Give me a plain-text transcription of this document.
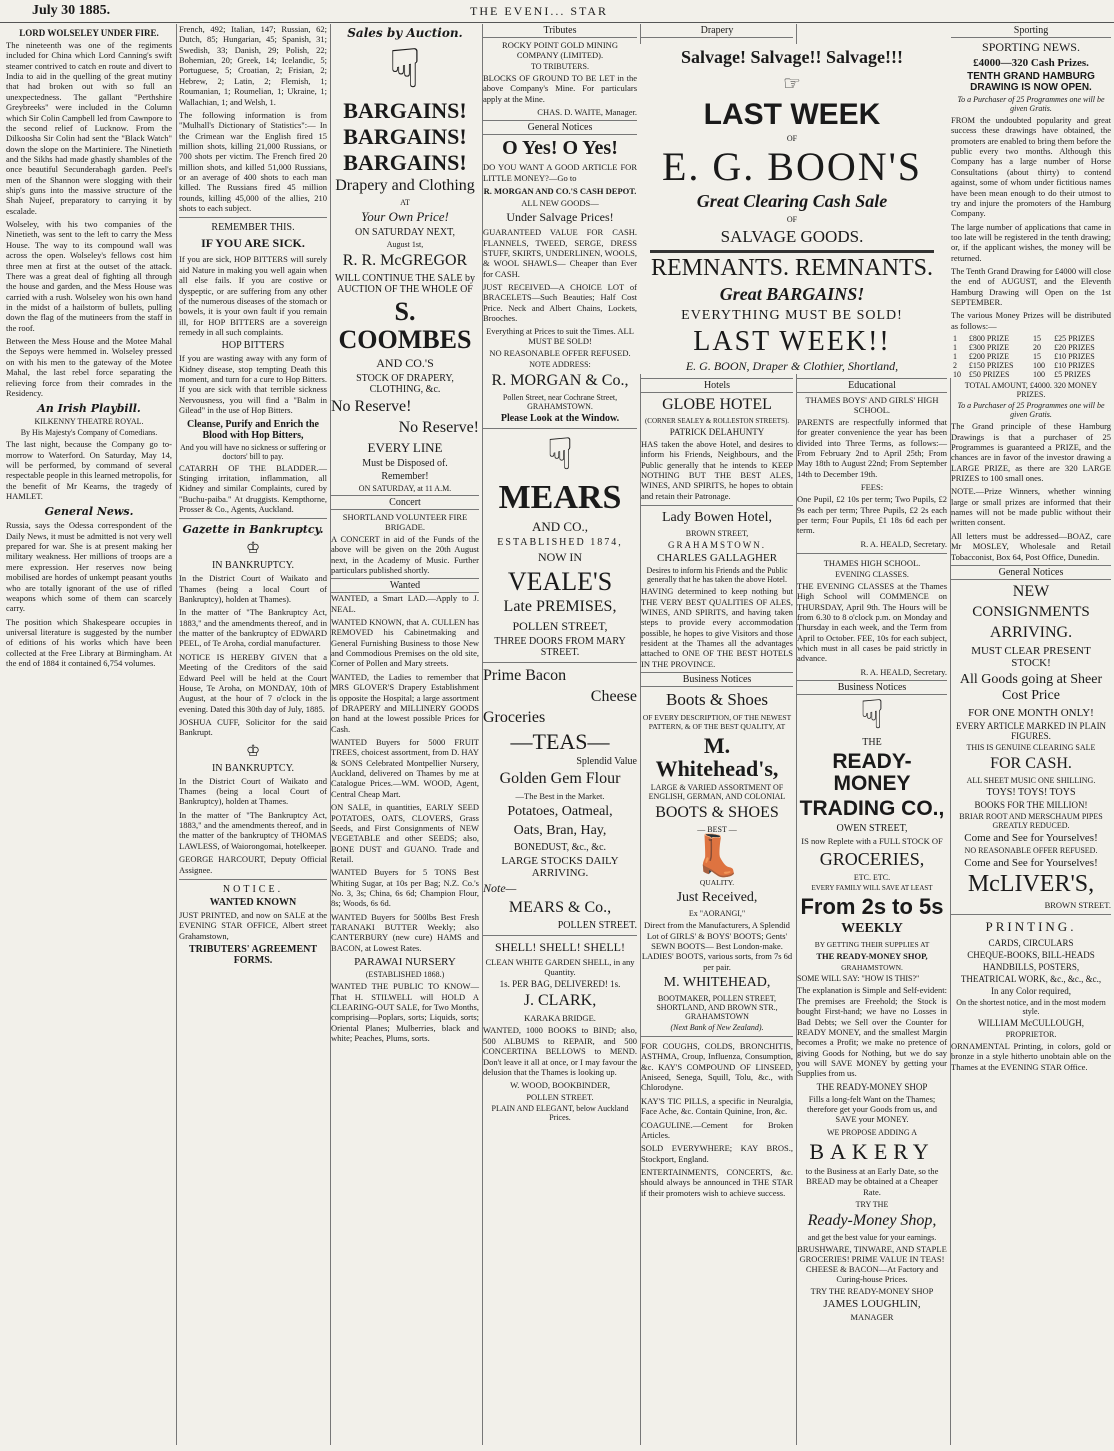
July 30 1885.	THE EVENI... STAR
LORD WOLSELEY UNDER FIRE.

The nineteenth was one of the regiments included for China which Lord Canning's swift steamer contrived to catch en route and divert to India to aid in the quelling of the great mutiny that had broken out with so full an unexpectedness. The gallant "Perthshire Greybreeks" were included in the Column which Sir Colin Campbell led from Cawnpore to the second relief of Lucknow. From the Dilkoosha Sir Colin had sent the "Black Watch" down the slope on the Martiniere. The Ninetieth and the Sikhs had made ghastly shambles of the once beautiful Secunderabagh garden. Peel's men of the Shannon were slogging with their ship's guns into the massive structure of the Shah Nujeef, preparatory to carrying it by escalade.

Wolseley, with his two companies of the Ninetieth, was sent to the left to carry the Mess House. The way to its compound wall was across the open. Wolseley's fellows cost him three men at first at the outset of the attack. There was a great deal of fighting all through the house and garden, and the Mess House was carried with a rush. Wolseley won his own hand in the midst of a hailstorm of bullets, pulling down the flag of the mutineers from the staff in the roof.

Between the Mess House and the Motee Mahal the Sepoys were hemmed in. Wolseley pressed on with his men to the gateway of the Motee Mahal, the last rebel force separating the relieving force from their comrades in the Residency.

An Irish Playbill.
KILKENNY THEATRE ROYAL.
By His Majesty's Company of Comedians.

The last night, because the Company go to-morrow to Waterford. On Saturday, May 14, will be performed, by command of several respectable people in this learned metropolis, for the benefit of Mr Kearns, the tragedy of HAMLET.

General News.

Russia, says the Odessa correspondent of the Daily News, it must be admitted is not very well prepared for war. She is at present making her military weakness. Her millions of troops are a mere expression. Her reserves now being mobilised are hordes of unkempt peasant youths who are totally ignorant of the use of rifled weapons which some of them can scarcely carry.

The position which Shakespeare occupies in universal literature is suggested by the number of editions of his works which have been collected at the Free Library at Birmingham. At the end of 1884 it contained 6,754 volumes.

French, 492; Italian, 147; Russian, 62; Dutch, 85; Hungarian, 45; Spanish, 31; Swedish, 33; Danish, 29; Polish, 22; Bohemian, 20; Greek, 14; Icelandic, 5; Portuguese, 5; Croatian, 2; Frisian, 2; Hebrew, 2; Latin, 2; Flemish, 1; Roumanian, 1; Roumelian, 1; Ukraine, 1; Wallachian, 1; and Welsh, 1.

The following information is from "Mulhall's Dictionary of Statistics":— In the Crimean war the English fired 15 million shots, killing 21,000 Russians, or 700 shots per victim. The French fired 20 million shots, and killed 51,000 Russians, or an average of 400 shots to each man killed. The Russians fired 45 million rounds, killing 45,000 of the allies, 210 shots to each subject.

REMEMBER THIS.
IF YOU ARE SICK.

If you are sick, HOP BITTERS will surely aid Nature in making you well again when all else fails. If you are costive or dyspeptic, or are suffering from any other of the numerous diseases of the stomach or bowels, it is your own fault if you remain ill, for HOP BITTERS are a sovereign remedy in all such complaints.

HOP BITTERS

If you are wasting away with any form of Kidney disease, stop tempting Death this moment, and turn for a cure to Hop Bitters. If you are sick with that terrible sickness Nervousness, you will find a "Balm in Gilead" in the use of Hop Bitters.

Cleanse, Purify and Enrich the Blood with Hop Bitters,
And you will have no sickness or suffering or doctors' bill to pay.

CATARRH OF THE BLADDER.—Stinging irritation, inflammation, all Kidney and similar Complaints, cured by "Buchu-paiba." At druggists. Kempthorne, Prosser & Co., Agents, Auckland.

Gazette in Bankruptcy.
♔
IN BANKRUPTCY.

In the District Court of Waikato and Thames (being a local Court of Bankruptcy), holden at Thames).

In the matter of "The Bankruptcy Act, 1883," and the amendments thereof, and in the matter of the bankruptcy of EDWARD PEEL, of Te Aroha, cordial manufacturer.

NOTICE IS HEREBY GIVEN that a Meeting of the Creditors of the said Edward Peel will be held at the Court House, Te Aroha, on MONDAY, 10th of August, at the hour of 7 o'clock in the evening. Dated this 30th day of July, 1885.

JOSHUA CUFF, Solicitor for the said Bankrupt.

♔
IN BANKRUPTCY.

In the District Court of Waikato and Thames (being a local Court of Bankruptcy), holden at Thames.

In the matter of "The Bankruptcy Act, 1883," and the amendments thereof, and in the matter of the bankruptcy of THOMAS LAWLESS, of Waiorongomai, hotelkeeper.

GEORGE HARCOURT, Deputy Official Assignee.

NOTICE.
WANTED KNOWN

JUST PRINTED, and now on SALE at the EVENING STAR OFFICE, Albert street Grahamstown,

TRIBUTERS' AGREEMENT FORMS.
Sales by Auction.
☟
BARGAINS!
BARGAINS!
BARGAINS!
Drapery and Clothing
AT
Your Own Price!
ON SATURDAY NEXT,
August 1st,
R. R. McGREGOR
WILL CONTINUE THE SALE by AUCTION OF THE WHOLE OF
S. COOMBES
AND CO.'S
STOCK OF DRAPERY, CLOTHING, &c.
No Reserve!
No Reserve!
EVERY LINE
Must be Disposed of.
Remember!
ON SATURDAY, at 11 A.M.
Concert
SHORTLAND VOLUNTEER FIRE BRIGADE.

A CONCERT in aid of the Funds of the above will be given on the 20th August next, in the Academy of Music. Further particulars published shortly.

Wanted

WANTED, a Smart LAD.—Apply to J. NEAL.

WANTED KNOWN, that A. CULLEN has REMOVED his Cabinetmaking and General Furnishing Business to those New and Commodious Premises on the old site, Corner of Pollen and Mary streets.

WANTED, the Ladies to remember that MRS GLOVER'S Drapery Establishment is opposite the Hospital; a large assortment of DRAPERY and MILLINERY GOODS on hand at the lowest possible Prices for Cash.

WANTED Buyers for 5000 FRUIT TREES, choicest assortment, from D. HAY & SONS Celebrated Montpellier Nursery, Auckland, delivered on Thames by me at Catalogue Prices.—WM. WOOD, Agent, Central Cheap Mart.

ON SALE, in quantities, EARLY SEED POTATOES, OATS, CLOVERS, Grass Seeds, and First Consignments of NEW VEGETABLE and other SEEDS; also, BONE DUST and GUANO. Trade and Retail.

WANTED Buyers for 5 TONS Best Whiting Sugar, at 10s per Bag; N.Z. Co.'s No. 3, 3s; China, 6s 6d; Champion Flour, 8s; Woods, 6s 6d.

WANTED Buyers for 500lbs Best Fresh TARANAKI BUTTER Weekly; also CANTERBURY (new cure) HAMS and BACON, at Lowest Rates.

PARAWAI NURSERY
(ESTABLISHED 1868.)

WANTED THE PUBLIC TO KNOW—That H. STILWELL will HOLD A CLEARING-OUT SALE, for Two Months, comprising—Poplars, sorts; Liquids, sorts; Oriental Planes; Mulberries, black and white; Peaches, Plums, sorts.

Tributes
ROCKY POINT GOLD MINING COMPANY (LIMITED).
TO TRIBUTERS.

BLOCKS OF GROUND TO BE LET in the above Company's Mine. For particulars apply at the Mine.

CHAS. D. WAITE, Manager.

General Notices
O Yes! O Yes!

DO YOU WANT A GOOD ARTICLE FOR LITTLE MONEY?—Go to

R. MORGAN AND CO.'S CASH DEPOT.
ALL NEW GOODS—
Under Salvage Prices!

GUARANTEED VALUE FOR CASH. FLANNELS, TWEED, SERGE, DRESS STUFF, SKIRTS, UNDERLINEN, WOOLS, & WOOL SHAWLS— Cheaper than Ever for CASH.

JUST RECEIVED—A CHOICE LOT of BRACELETS—Such Beauties; Half Cost Price. Neck and Albert Chains, Lockets, Brooches.

Everything at Prices to suit the Times. ALL MUST BE SOLD!
NO REASONABLE OFFER REFUSED.
NOTE ADDRESS:
R. MORGAN & Co.,
Pollen Street, near Cochrane Street, GRAHAMSTOWN.
Please Look at the Window.
☟
MEARS
AND CO.,
ESTABLISHED 1874,
NOW IN
VEALE'S
Late PREMISES,
POLLEN STREET,
THREE DOORS FROM MARY STREET.
Prime Bacon
Cheese
Groceries
—TEAS—
Splendid Value
Golden Gem Flour
—The Best in the Market.
Potatoes, Oatmeal,
Oats, Bran, Hay,
BONEDUST, &c., &c.
LARGE STOCKS DAILY ARRIVING.
Note—
MEARS & Co.,
POLLEN STREET.
SHELL! SHELL! SHELL!
CLEAN WHITE GARDEN SHELL, in any Quantity.
1s. PER BAG, DELIVERED! 1s.
J. CLARK,
KARAKA BRIDGE.

WANTED, 1000 BOOKS to BIND; also, 500 ALBUMS to REPAIR, and 500 CONCERTINA BELLOWS to MEND. Don't leave it all at once, or I may favour the delusion that the Thames is looking up.

W. WOOD, BOOKBINDER,
POLLEN STREET.
PLAIN AND ELEGANT, below Auckland Prices.
Drapery
Salvage! Salvage!! Salvage!!!
☞
LAST WEEK
OF
E. G. BOON'S
Great Clearing Cash Sale
OF
SALVAGE GOODS.
REMNANTS. REMNANTS.
Great BARGAINS!
EVERYTHING MUST BE SOLD!
LAST WEEK!!
E. G. BOON, Draper & Clothier, Shortland,
Hotels
GLOBE HOTEL
(CORNER SEALEY & ROLLESTON STREETS).
PATRICK DELAHUNTY

HAS taken the above Hotel, and desires to inform his Friends, Neighbours, and the Public generally that he intends to KEEP NOTHING BUT THE BEST ALES, WINES, AND SPIRITS, he hopes to obtain and retain their Patronage.

Lady Bowen Hotel,
BROWN STREET,
GRAHAMSTOWN.
CHARLES GALLAGHER
Desires to inform his Friends and the Public generally that he has taken the above Hotel.

HAVING determined to keep nothing but THE VERY BEST QUALITIES OF ALES, WINES, AND SPIRITS, and having taken steps to provide every accommodation possible, he hopes to give Visitors and those resident at the Thames all the advantages attached to ONE OF THE BEST HOTELS IN THE PROVINCE.

Business Notices
Boots & Shoes
OF EVERY DESCRIPTION, OF THE NEWEST PATTERN, & OF THE BEST QUALITY, AT
M. Whitehead's,
LARGE & VARIED ASSORTMENT OF ENGLISH, GERMAN, AND COLONIAL
BOOTS & SHOES
— BEST —
👢
QUALITY.
Just Received,
Ex "AORANGI,"

Direct from the Manufacturers, A Splendid Lot of GIRLS' & BOYS' BOOTS; Gents' SEWN BOOTS— Best London-make. LADIES' BOOTS, various sorts, from 7s 6d per pair.

M. WHITEHEAD,
BOOTMAKER, POLLEN STREET, SHORTLAND, AND BROWN STR., GRAHAMSTOWN
(Next Bank of New Zealand).

FOR COUGHS, COLDS, BRONCHITIS, ASTHMA, Croup, Influenza, Consumption, &c. KAY'S COMPOUND OF LINSEED, Aniseed, Senega, Squill, Tolu, &c., with Chlorodyne.

KAY'S TIC PILLS, a specific in Neuralgia, Face Ache, &c. Contain Quinine, Iron, &c.

COAGULINE.—Cement for Broken Articles.

SOLD EVERYWHERE; KAY BROS., Stockport, England.

ENTERTAINMENTS, CONCERTS, &c. should always be announced in THE STAR if their promoters wish to achieve success.

Educational
THAMES BOYS' AND GIRLS' HIGH SCHOOL.

PARENTS are respectfully informed that for greater convenience the year has been divided into Three Terms, as follows:— From February 2nd to April 25th; From May 18th to August 22nd; From September 14th to December 19th.

FEES:

One Pupil, £2 10s per term; Two Pupils, £2 9s each per term; Three Pupils, £2 2s each per term; Four Pupils, £1 18s 6d each per term.

R. A. HEALD, Secretary.

THAMES HIGH SCHOOL.
EVENING CLASSES.

THE EVENING CLASSES at the Thames High School will COMMENCE on THURSDAY, April 9th. The Hours will be from 6.30 to 8 o'clock p.m. on Monday and Thursday in each week, and the Term from April to October. FEE, 10s for each subject, which must in all cases be paid strictly in advance.

R. A. HEALD, Secretary.

Business Notices
☟
THE
READY-MONEY
TRADING CO.,
OWEN STREET,
IS now Replete with a FULL STOCK OF
GROCERIES,
ETC. ETC.
EVERY FAMILY WILL SAVE AT LEAST
From 2s to 5s
WEEKLY
BY GETTING THEIR SUPPLIES AT
THE READY-MONEY SHOP,
GRAHAMSTOWN.
SOME WILL SAY: "HOW IS THIS?"

The explanation is Simple and Self-evident: The premises are Freehold; the Stock is bought First-hand; we have no Losses in Bad Debts; we Sell over the Counter for READY MONEY, and the smallest Margin becomes a Profit; we make no pretence of giving Goods for Nothing, but we do say you will SAVE MONEY by getting your Supplies from us.

THE READY-MONEY SHOP

Fills a long-felt Want on the Thames; therefore get your Goods from us, and SAVE your MONEY.

WE PROPOSE ADDING A
BAKERY

to the Business at an Early Date, so the BREAD may be obtained at a Cheaper Rate.

TRY THE
Ready-Money Shop,
and get the best value for your earnings.
BRUSHWARE, TINWARE, AND STAPLE GROCERIES! PRIME VALUE IN TEAS! CHEESE & BACON—At Factory and Curing-house Prices.
TRY THE READY-MONEY SHOP
JAMES LOUGHLIN,
MANAGER
Sporting
SPORTING NEWS.
£4000—320 Cash Prizes.
TENTH GRAND HAMBURG DRAWING IS NOW OPEN.
To a Purchaser of 25 Programmes one will be given Gratis.

FROM the undoubted popularity and great success these drawings have obtained, the promoters are enabled to bring them before the public every two months. Although this Company has a large number of Horse Consultations (about thirty) to contend against, some of whom under fictitious names have been mean enough to do their utmost to try and injure the promoters of the Hamburg Company.

The large number of applications that came in too late will be registered in the tenth drawing; or, if the applicant wishes, the money will be returned.

The Tenth Grand Drawing for £4000 will close the end of AUGUST, and the Eleventh Hamburg Drawing will Open on the 1st SEPTEMBER.

The various Money Prizes will be distributed as follows:—

1	£800 PRIZE	15	£25 PRIZES
1	£300 PRIZE	20	£20 PRIZES
1	£200 PRIZE	15	£10 PRIZES
2	£150 PRIZES	100	£10 PRIZES
10	£50 PRIZES	100	£5 PRIZES
TOTAL AMOUNT, £4000. 320 MONEY PRIZES.
To a Purchaser of 25 Programmes one will be given Gratis.

The Grand principle of these Hamburg Drawings is that a purchaser of 25 Programmes is guaranteed a PRIZE, and the chances are in favor of the investor drawing a LARGE PRIZE, as there are 320 LARGE PRIZES to 100 small ones.

NOTE.—Prize Winners, whether winning large or small prizes are informed that their names will not be made public without their written consent.

All letters must be addressed—BOAZ, care Mr MOSLEY, Wholesale and Retail Tobacconist, Box 64, Post Office, Dunedin.

General Notices
NEW
CONSIGNMENTS
ARRIVING.
MUST CLEAR PRESENT STOCK!
All Goods going at Sheer Cost Price
FOR ONE MONTH ONLY!
EVERY ARTICLE MARKED IN PLAIN FIGURES.
THIS IS GENUINE CLEARING SALE
FOR CASH.
ALL SHEET MUSIC ONE SHILLING.
TOYS! TOYS! TOYS
BOOKS FOR THE MILLION!
BRIAR ROOT AND MERSCHAUM PIPES GREATLY REDUCED.
Come and See for Yourselves!
NO REASONABLE OFFER REFUSED.
Come and See for Yourselves!
McLIVER'S,
BROWN STREET.
PRINTING.
CARDS, CIRCULARS
CHEQUE-BOOKS, BILL-HEADS
HANDBILLS, POSTERS,
THEATRICAL WORK, &c., &c., &c.,
In any Color required,
On the shortest notice, and in the most modern style.
WILLIAM McCULLOUGH,
PROPRIETOR.

ORNAMENTAL Printing, in colors, gold or bronze in a style hitherto unobtain able on the Thames at the EVENING STAR Office.
